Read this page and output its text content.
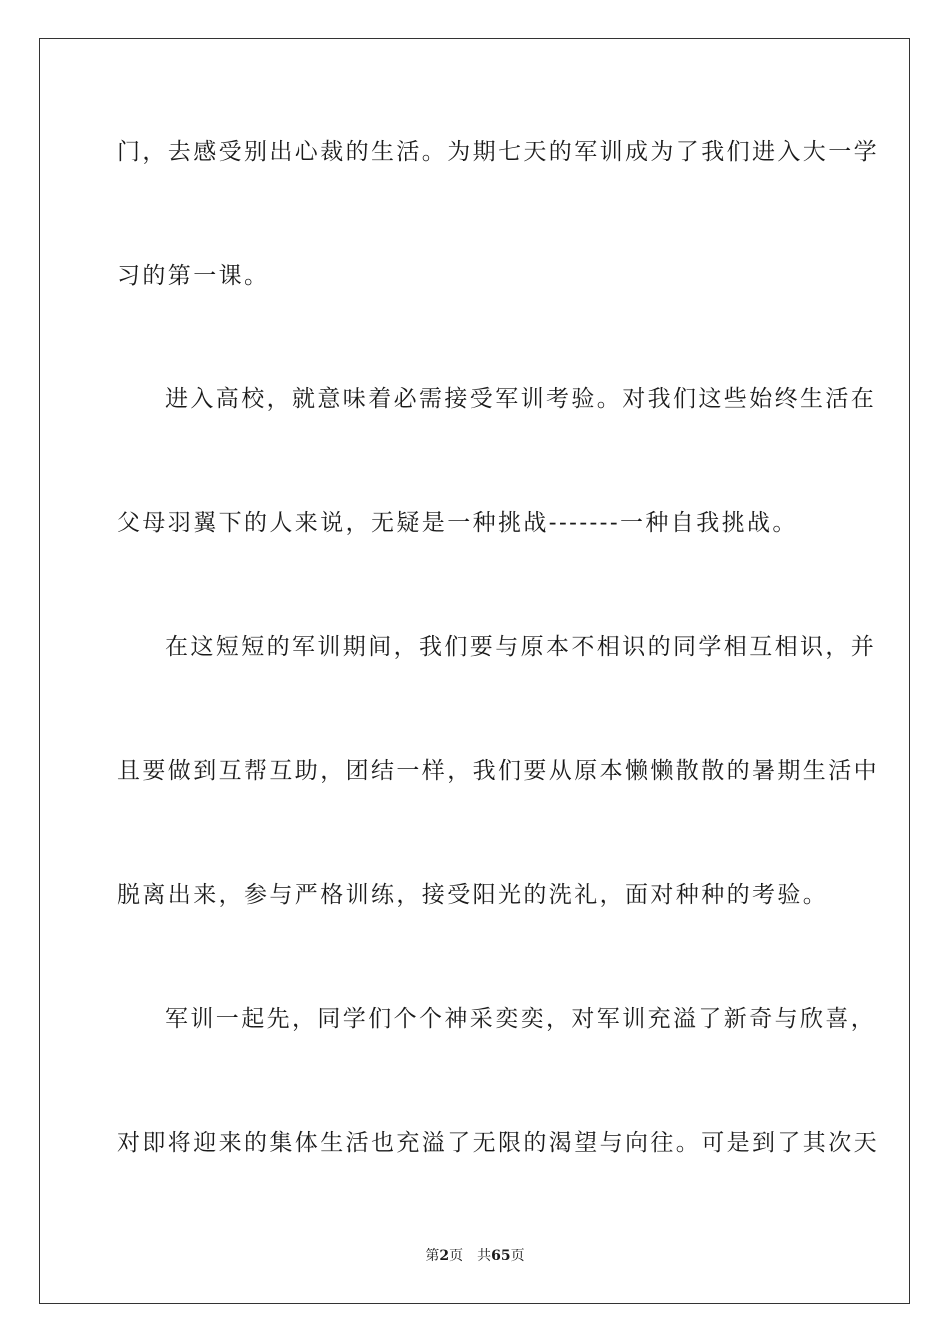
门，去感受别出心裁的生活。为期七天的军训成为了我们进入大一学
习的第一课。
进入高校，就意味着必需接受军训考验。对我们这些始终生活在
父母羽翼下的人来说，无疑是一种挑战-------一种自我挑战。
在这短短的军训期间，我们要与原本不相识的同学相互相识，并
且要做到互帮互助，团结一样，我们要从原本懒懒散散的暑期生活中
脱离出来，参与严格训练，接受阳光的洗礼，面对种种的考验。
军训一起先，同学们个个神采奕奕，对军训充溢了新奇与欣喜，
对即将迎来的集体生活也充溢了无限的渴望与向往。可是到了其次天
第2页 共65页
